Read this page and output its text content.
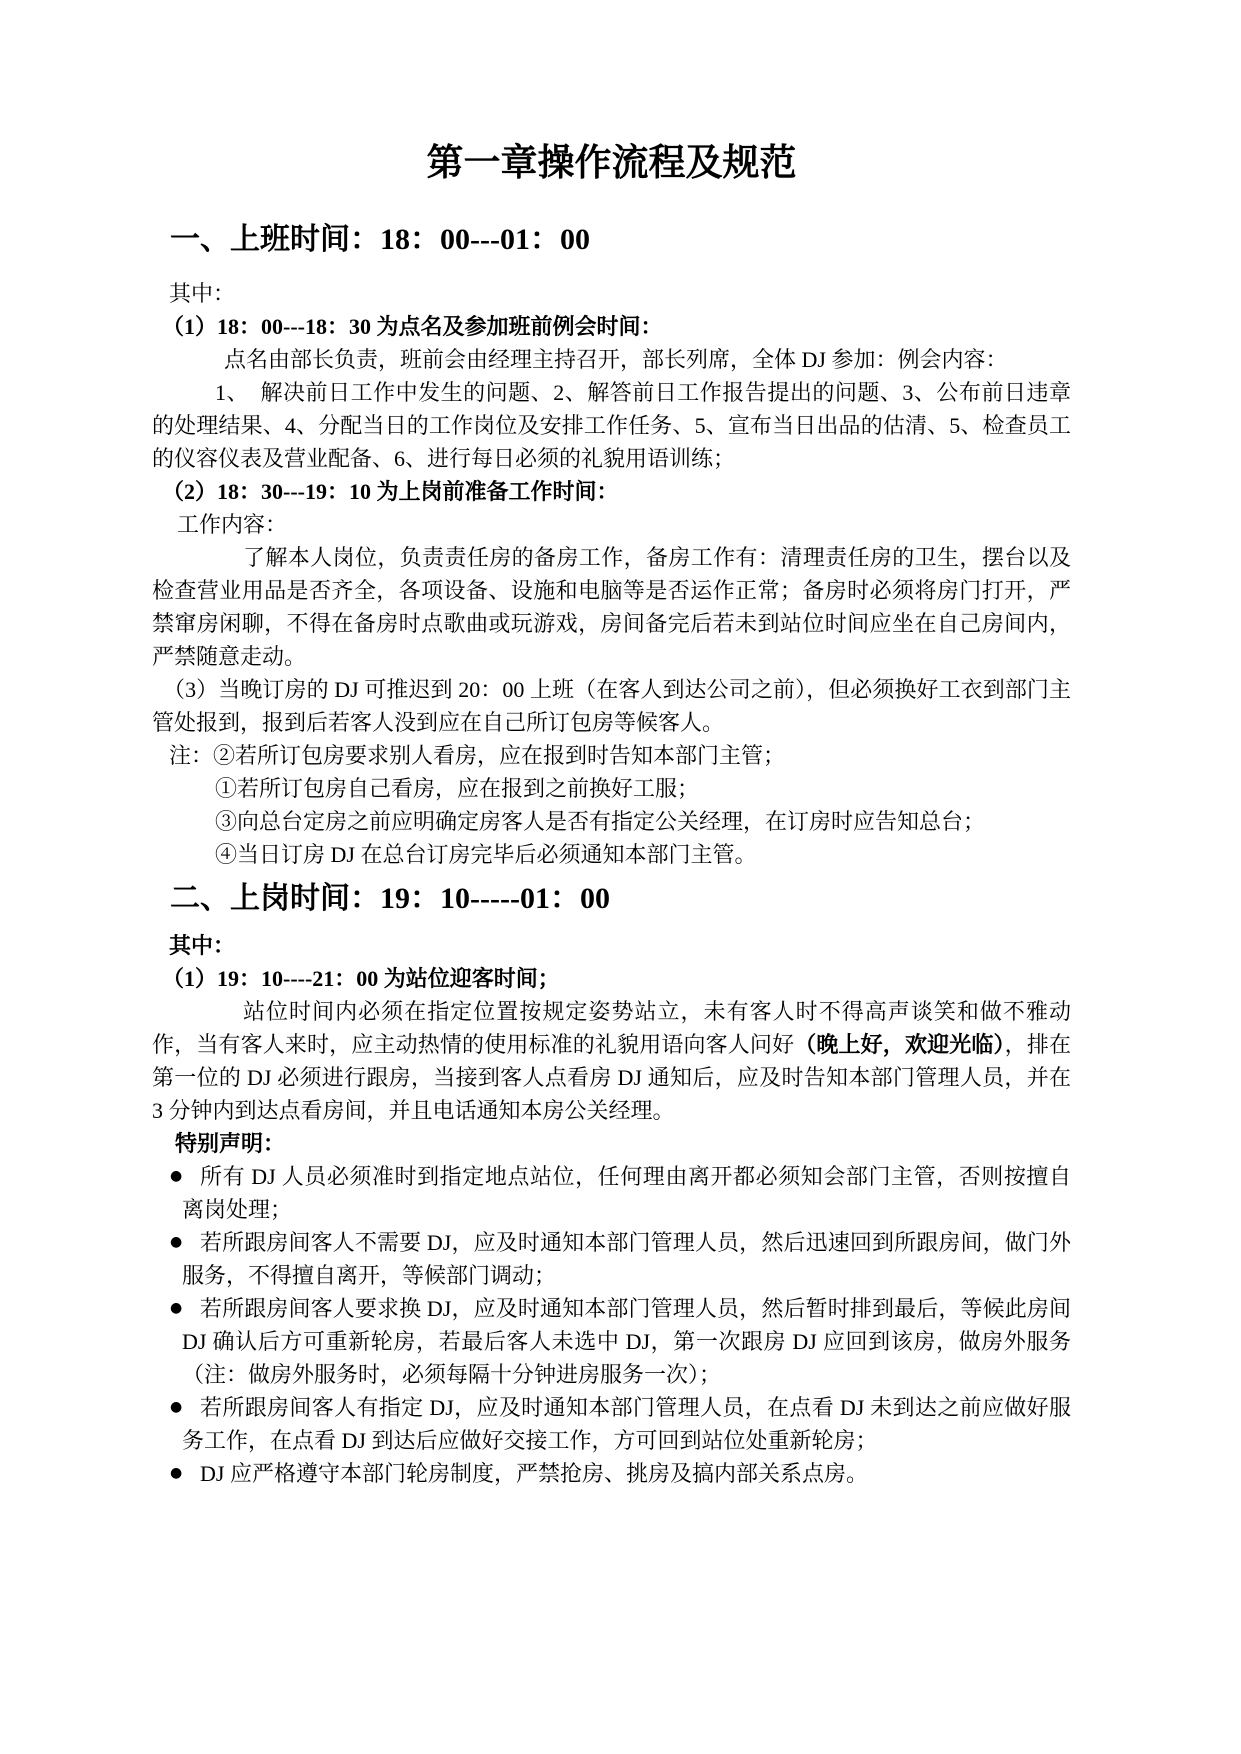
第一章操作流程及规范
一、上班时间：18：00---01：00

其中：

（1）18：00---18：30 为点名及参加班前例会时间：

点名由部长负责，班前会由经理主持召开，部长列席，全体 DJ 参加：例会内容：

1、　解决前日工作中发生的问题、2、解答前日工作报告提出的问题、3、公布前日违章的处理结果、4、分配当日的工作岗位及安排工作任务、5、宣布当日出品的估清、5、检查员工的仪容仪表及营业配备、6、进行每日必须的礼貌用语训练；

（2）18：30---19：10 为上岗前准备工作时间：

工作内容：

了解本人岗位，负责责任房的备房工作，备房工作有：清理责任房的卫生，摆台以及检查营业用品是否齐全，各项设备、设施和电脑等是否运作正常；备房时必须将房门打开，严禁窜房闲聊，不得在备房时点歌曲或玩游戏，房间备完后若未到站位时间应坐在自己房间内，严禁随意走动。

（3）当晚订房的 DJ 可推迟到 20：00 上班（在客人到达公司之前），但必须换好工衣到部门主管处报到，报到后若客人没到应在自己所订包房等候客人。

注：②若所订包房要求别人看房，应在报到时告知本部门主管；

①若所订包房自己看房，应在报到之前换好工服；

③向总台定房之前应明确定房客人是否有指定公关经理，在订房时应告知总台；

④当日订房 DJ 在总台订房完毕后必须通知本部门主管。

二、上岗时间：19：10-----01：00

其中：

（1）19：10----21：00 为站位迎客时间；

站位时间内必须在指定位置按规定姿势站立，未有客人时不得高声谈笑和做不雅动作，当有客人来时，应主动热情的使用标准的礼貌用语向客人问好（晚上好，欢迎光临），排在第一位的 DJ 必须进行跟房，当接到客人点看房 DJ 通知后，应及时告知本部门管理人员，并在 3 分钟内到达点看房间，并且电话通知本房公关经理。

特别声明：

● 所有 DJ 人员必须准时到指定地点站位，任何理由离开都必须知会部门主管，否则按擅自离岗处理；
● 若所跟房间客人不需要 DJ，应及时通知本部门管理人员，然后迅速回到所跟房间，做门外服务，不得擅自离开，等候部门调动；
● 若所跟房间客人要求换 DJ，应及时通知本部门管理人员，然后暂时排到最后，等候此房间 DJ 确认后方可重新轮房，若最后客人未选中 DJ，第一次跟房 DJ 应回到该房，做房外服务（注：做房外服务时，必须每隔十分钟进房服务一次）；
● 若所跟房间客人有指定 DJ，应及时通知本部门管理人员，在点看 DJ 未到达之前应做好服务工作，在点看 DJ 到达后应做好交接工作，方可回到站位处重新轮房；
● DJ 应严格遵守本部门轮房制度，严禁抢房、挑房及搞内部关系点房。
